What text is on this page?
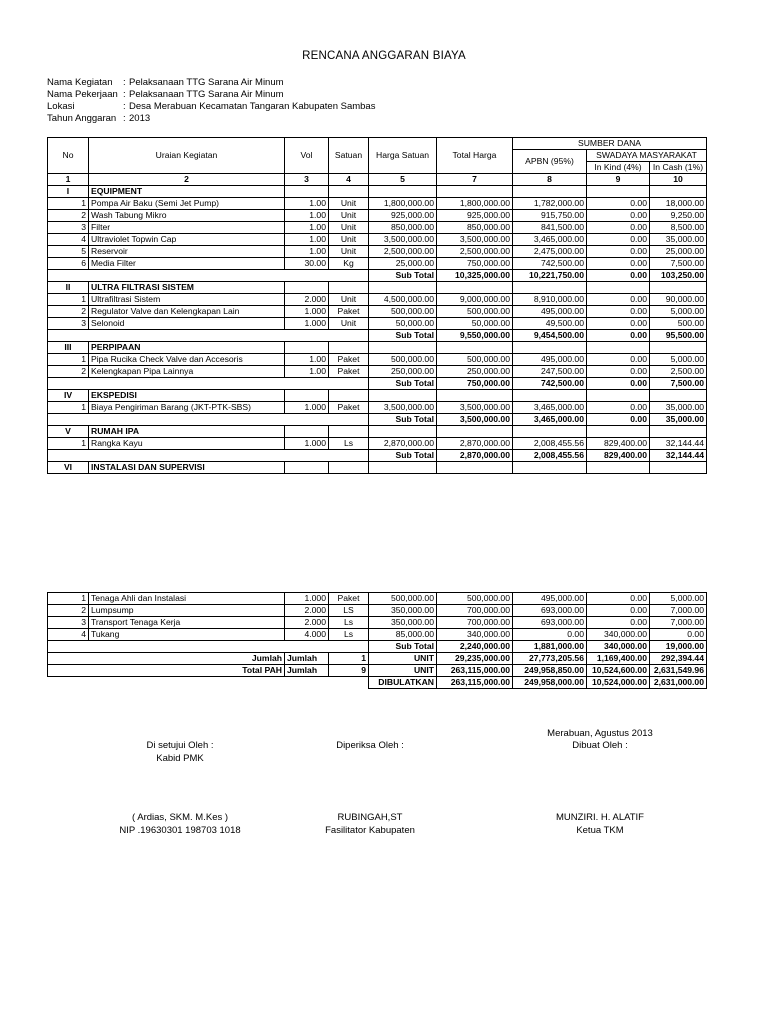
RENCANA ANGGARAN BIAYA
Nama Kegiatan	: Pelaksanaan TTG Sarana Air Minum
Nama Pekerjaan : Pelaksanaan TTG Sarana Air Minum
Lokasi	: Desa Merabuan Kecamatan Tangaran Kabupaten Sambas
Tahun Anggaran : 2013
No	Uraian Kegiatan	Vol	Satuan	Harga Satuan	Total Harga	SUMBER DANA		
						APBN (95%)	SWADAYA MASYARAKAT	
							In Kind (4%)	In Cash (1%)
1	2	3	4	5	7	8	9	10
I	EQUIPMENT							
1	Pompa Air Baku (Semi Jet Pump)	1.00	Unit	1,800,000.00	1,800,000.00	1,782,000.00	0.00	18,000.00
2	Wash Tabung Mikro	1.00	Unit	925,000.00	925,000.00	915,750.00	0.00	9,250.00
3	Filter	1.00	Unit	850,000.00	850,000.00	841,500.00	0.00	8,500.00
4	Ultraviolet Topwin Cap	1.00	Unit	3,500,000.00	3,500,000.00	3,465,000.00	0.00	35,000.00
5	Reservoir	1.00	Unit	2,500,000.00	2,500,000.00	2,475,000.00	0.00	25,000.00
6	Media Filter	30.00	Kg	25,000.00	750,000.00	742,500.00	0.00	7,500.00
				Sub Total	10,325,000.00	10,221,750.00	0.00	103,250.00
II	ULTRA FILTRASI SISTEM							
1	Ultrafiltrasi Sistem	2.000	Unit	4,500,000.00	9,000,000.00	8,910,000.00	0.00	90,000.00
2	Regulator Valve dan Kelengkapan Lain	1.000	Paket	500,000.00	500,000.00	495,000.00	0.00	5,000.00
3	Selonoid	1.000	Unit	50,000.00	50,000.00	49,500.00	0.00	500.00
				Sub Total	9,550,000.00	9,454,500.00	0.00	95,500.00
III	PERPIPAAN							
1	Pipa Rucika Check Valve dan Accesoris	1.00	Paket	500,000.00	500,000.00	495,000.00	0.00	5,000.00
2	Kelengkapan Pipa Lainnya	1.00	Paket	250,000.00	250,000.00	247,500.00	0.00	2,500.00
				Sub Total	750,000.00	742,500.00	0.00	7,500.00
IV	EKSPEDISI							
1	Biaya Pengiriman Barang (JKT-PTK-SBS)	1.000	Paket	3,500,000.00	3,500,000.00	3,465,000.00	0.00	35,000.00
				Sub Total	3,500,000.00	3,465,000.00	0.00	35,000.00
V	RUMAH IPA							
1	Rangka Kayu	1.000	Ls	2,870,000.00	2,870,000.00	2,008,455.56	829,400.00	32,144.44
				Sub Total	2,870,000.00	2,008,455.56	829,400.00	32,144.44
VI	INSTALASI DAN SUPERVISI							
1	Tenaga Ahli dan Instalasi	1.000	Paket	500,000.00	500,000.00	495,000.00	0.00	5,000.00
2	Lumpsump	2.000	LS	350,000.00	700,000.00	693,000.00	0.00	7,000.00
3	Transport Tenaga Kerja	2.000	Ls	350,000.00	700,000.00	693,000.00	0.00	7,000.00
4	Tukang	4.000	Ls	85,000.00	340,000.00	0.00	340,000.00	0.00
				Sub Total	2,240,000.00	1,881,000.00	340,000.00	19,000.00
Jumlah		Jumlah	1	UNIT	29,235,000.00	27,773,205.56	1,169,400.00	292,394.44
Total PAH		Jumlah	9	UNIT	263,115,000.00	249,958,850.00	10,524,600.00	2,631,549.96
				DIBULATKAN	263,115,000.00	249,958,000.00	10,524,000.00	2,631,000.00
Merabuan, Agustus 2013
Di setujui Oleh :
Kabid PMK
( Ardias, SKM. M.Kes )
NIP .19630301 198703 1018
Diperiksa Oleh :
RUBINGAH,ST
Fasilitator Kabupaten
Dibuat Oleh :
MUNZIRI. H. ALATIF
Ketua TKM
